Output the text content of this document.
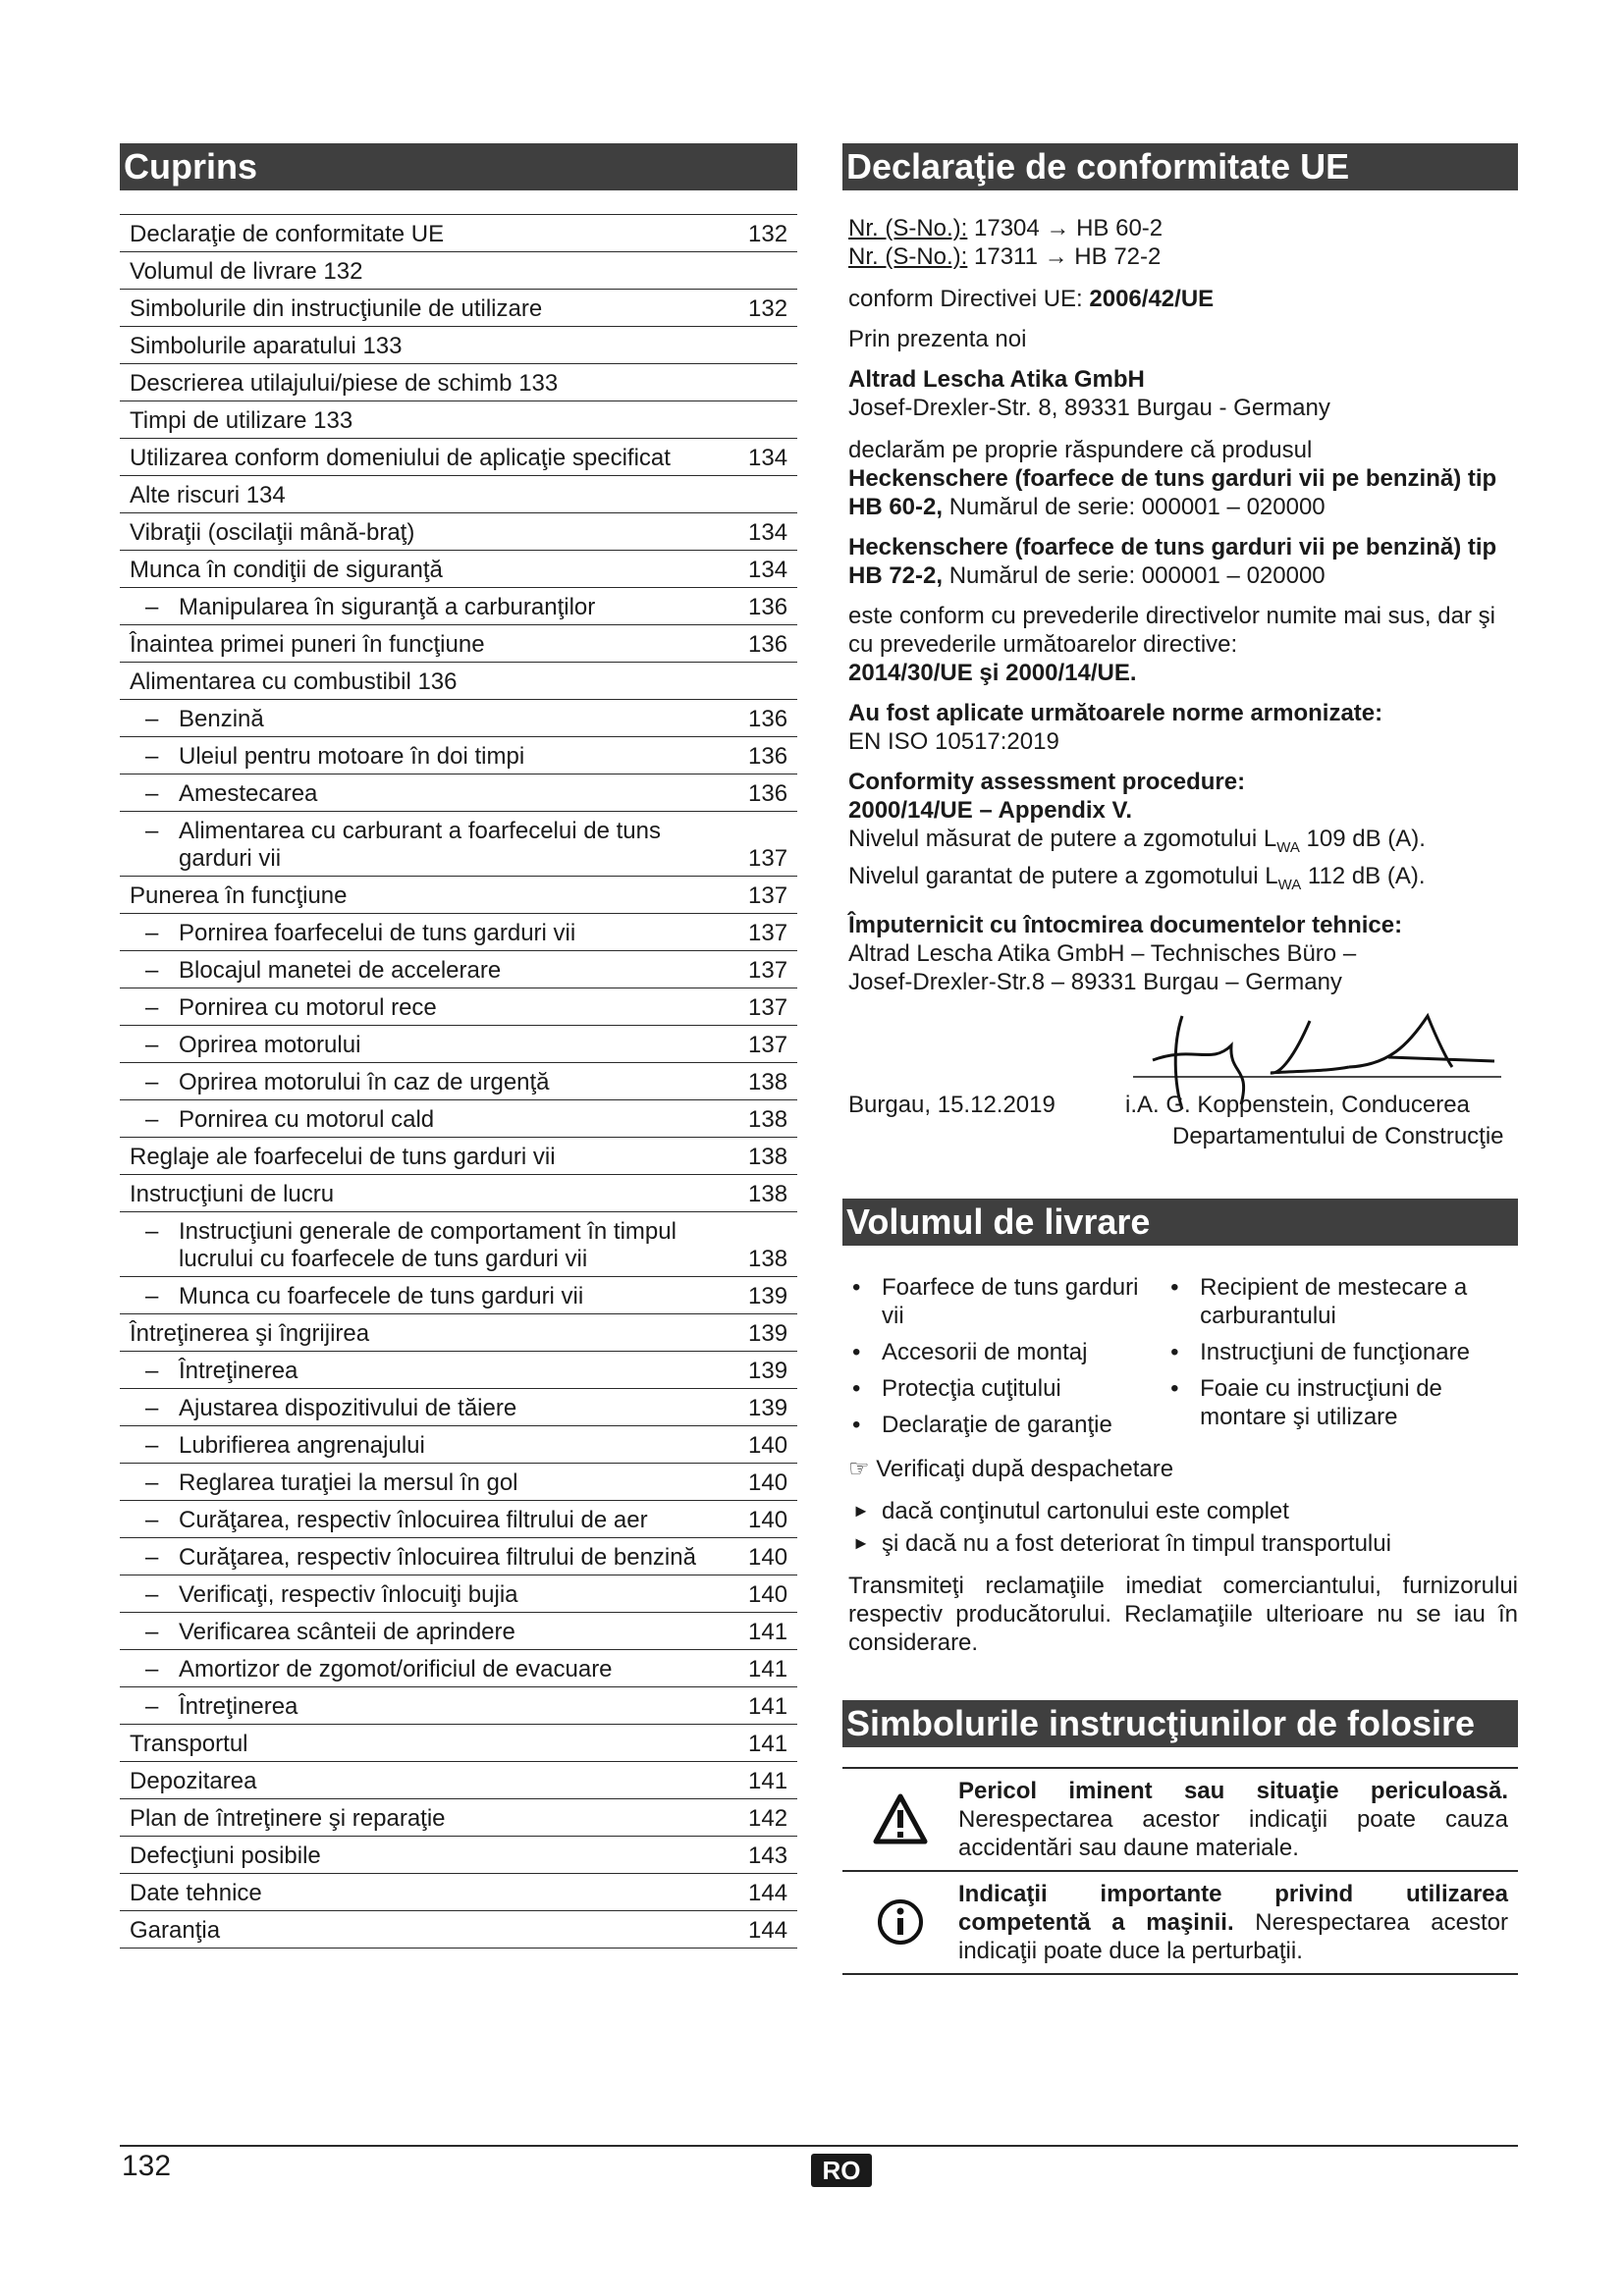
Cuprins
Declaraţie de conformitate UE	132
Volumul de livrare 132
Simbolurile din instrucţiunile de utilizare	132
Simbolurile aparatului 133
Descrierea utilajului/piese de schimb 133
Timpi de utilizare 133
Utilizarea conform domeniului de aplicaţie specificat	134
Alte riscuri 134
Vibraţii (oscilaţii mână-braţ)	134
Munca în condiţii de siguranţă	134
– Manipularea în siguranţă a carburanţilor	136
Înaintea primei puneri în funcţiune	136
Alimentarea cu combustibil 136
– Benzină	136
– Uleiul pentru motoare în doi timpi	136
– Amestecarea	136
– Alimentarea cu carburant a foarfecelui de tuns garduri vii	137
Punerea în funcţiune	137
– Pornirea foarfecelui de tuns garduri vii	137
– Blocajul manetei de accelerare	137
– Pornirea cu motorul rece	137
– Oprirea motorului	137
– Oprirea motorului în caz de urgenţă	138
– Pornirea cu motorul cald	138
Reglaje ale foarfecelui de tuns garduri vii	138
Instrucţiuni de lucru	138
– Instrucţiuni generale de comportament în timpul lucrului cu foarfecele de tuns garduri vii	138
– Munca cu foarfecele de tuns garduri vii	139
Întreţinerea şi îngrijirea	139
– Întreţinerea	139
– Ajustarea dispozitivului de tăiere	139
– Lubrifierea angrenajului	140
– Reglarea turaţiei la mersul în gol	140
– Curăţarea, respectiv înlocuirea filtrului de aer	140
– Curăţarea, respectiv înlocuirea filtrului de benzină	140
– Verificaţi, respectiv înlocuiţi bujia	140
– Verificarea scânteii de aprindere	141
– Amortizor de zgomot/orificiul de evacuare	141
– Întreţinerea	141
Transportul	141
Depozitarea	141
Plan de întreţinere şi reparaţie	142
Defecţiuni posibile	143
Date tehnice	144
Garanţia	144
Declaraţie de conformitate UE

Nr. (S-No.): 17304 → HB 60-2
Nr. (S-No.): 17311 → HB 72-2

conform Directivei UE: 2006/42/UE

Prin prezenta noi

Altrad Lescha Atika GmbH
Josef-Drexler-Str. 8, 89331 Burgau - Germany

declarăm pe proprie răspundere că produsul
Heckenschere (foarfece de tuns garduri vii pe benzină) tip HB 60-2, Numărul de serie: 000001 – 020000

Heckenschere (foarfece de tuns garduri vii pe benzină) tip HB 72-2, Numărul de serie: 000001 – 020000

este conform cu prevederile directivelor numite mai sus, dar şi cu prevederile următoarelor directive:
2014/30/UE şi 2000/14/UE.

Au fost aplicate următoarele norme armonizate:
EN ISO 10517:2019

Conformity assessment procedure:
2000/14/UE – Appendix V.
Nivelul măsurat de putere a zgomotului $L_{WA}$ 109 dB (A).
Nivelul garantat de putere a zgomotului $L_{WA}$ 112 dB (A).

Împuternicit cu întocmirea documentelor tehnice:
Altrad Lescha Atika GmbH – Technisches Büro –
Josef-Drexler-Str.8 – 89331 Burgau – Germany

Burgau, 15.12.2019	i.A. G. Koppenstein, Conducerea
Departamentului de Construcţie
Volumul de livrare
• Foarfece de tuns garduri vii
• Accesorii de montaj
• Protecţia cuţitului
• Declaraţie de garanţie
• Recipient de mestecare a carburantului
• Instrucţiuni de funcţionare
• Foaie cu instrucţiuni de montare şi utilizare
☞ Verificaţi după despachetare
► dacă conţinutul cartonului este complet
► şi dacă nu a fost deteriorat în timpul transportului
Transmiteţi reclamaţiile imediat comerciantului, furnizorului respectiv producătorului. Reclamaţiile ulterioare nu se iau în considerare.
Simbolurile instrucţiunilor de folosire
Pericol iminent sau situaţie periculoasă. Nerespectarea acestor indicaţii poate cauza accidentări sau daune materiale.
Indicaţii importante privind utilizarea competentă a maşinii. Nerespectarea acestor indicaţii poate duce la perturbaţii.
132	RO
